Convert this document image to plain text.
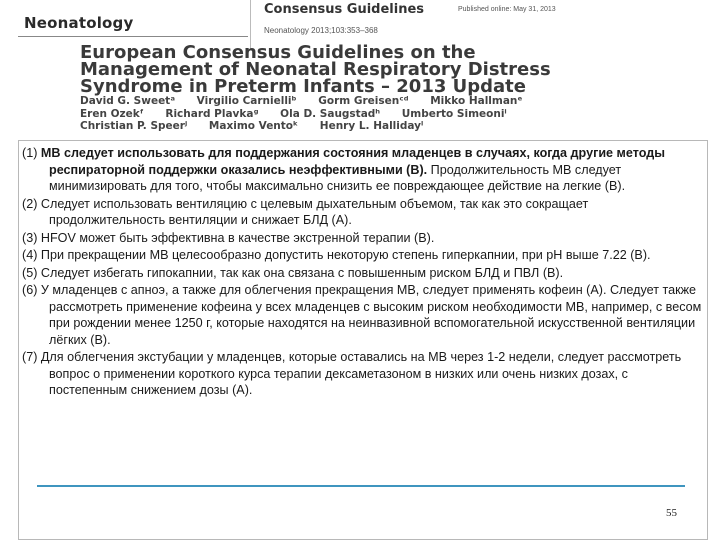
Neonatology
Consensus Guidelines	Published online: May 31, 2013
Neonatology 2013;103:353–368
European Consensus Guidelines on the
Management of Neonatal Respiratory Distress
Syndrome in Preterm Infants – 2013 Update
David G. Sweetᵃ Virgilio Carnielliᵇ Gorm Greisenᶜᵈ Mikko Hallmanᵉ
Eren Ozekᶠ Richard Plavkaᵍ Ola D. Saugstadʰ Umberto Simeoniⁱ
Christian P. Speerʲ Maximo Ventoᵏ Henry L. Hallidayˡ

(1) МВ следует использовать для поддержания состояния младенцев в случаях, когда другие методы респираторной поддержки оказались неэффективными (В). Продолжительность МВ следует минимизировать для того, чтобы максимально снизить ее повреждающее действие на легкие (В).

(2) Следует использовать вентиляцию с целевым дыхательным объемом, так как это сокращает продолжительность вентиляции и снижает БЛД (А).

(3) HFOV может быть эффективна в качестве экстренной терапии (В).

(4) При прекращении МВ целесообразно допустить некоторую степень гиперкапнии, при pH выше 7.22 (В).

(5) Следует избегать гипокапнии, так как она связана с повышенным риском БЛД и ПВЛ (В).

(6) У младенцев с апноэ, а также для облегчения прекращения МВ, следует применять кофеин (А). Следует также рассмотреть применение кофеина у всех младенцев с высоким риском необходимости МВ, например, с весом при рождении менее 1250 г, которые находятся на неинвазивной вспомогательной искусственной вентиляции лёгких (В).

(7) Для облегчения экстубации у младенцев, которые оставались на МВ через 1-2 недели, следует рассмотреть вопрос о применении короткого курса терапии дексаметазоном в низких или очень низких дозах, с постепенным снижением дозы (А).

55
